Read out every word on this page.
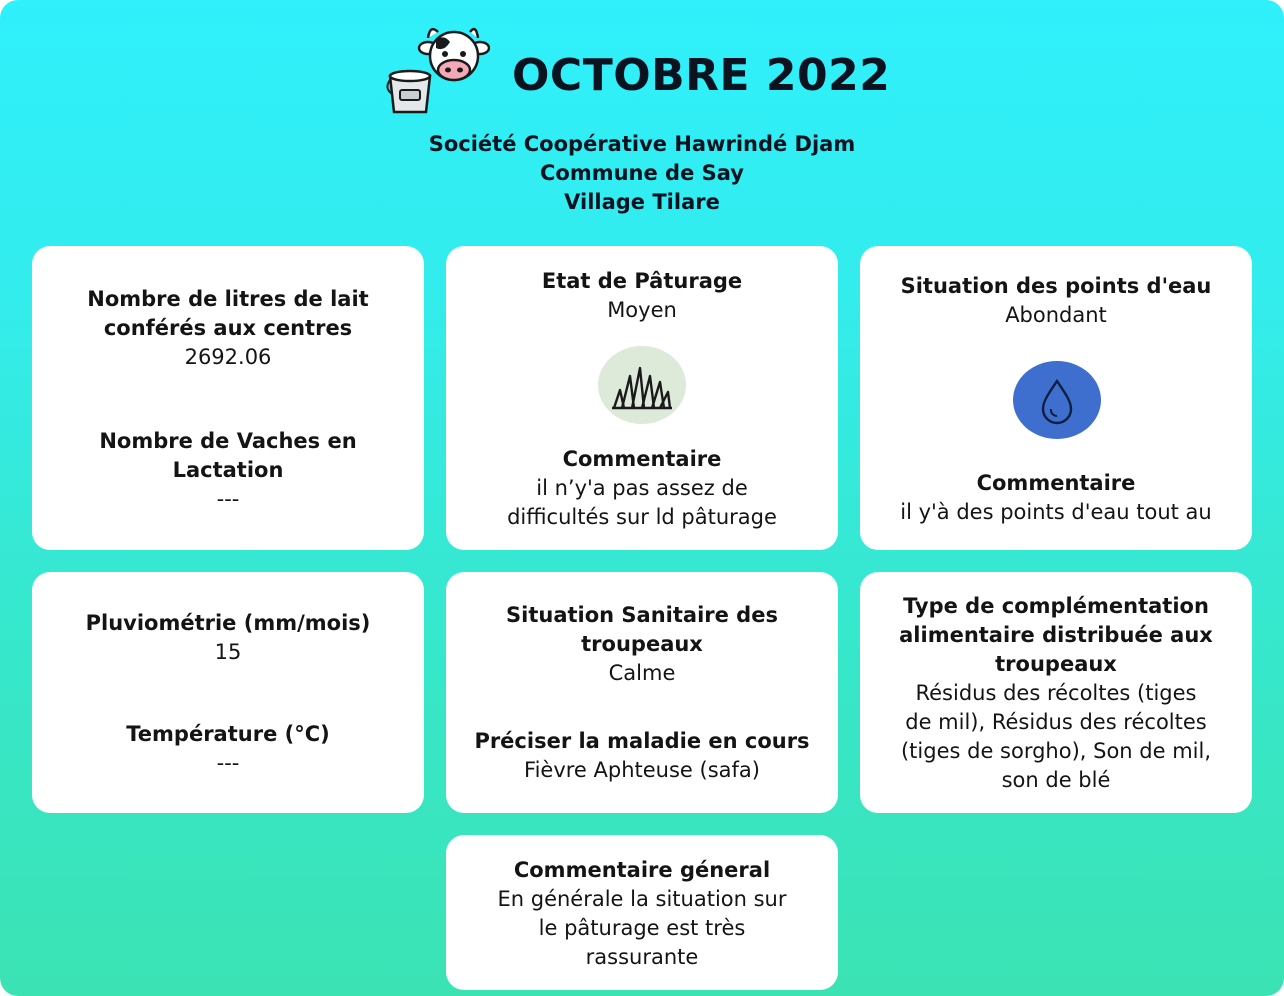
OCTOBRE 2022
Société Coopérative Hawrindé Djam
Commune de Say
Village Tilare
Nombre de litres de lait conférés aux centres
2692.06
Nombre de Vaches en Lactation
---
Etat de Pâturage
Moyen
Commentaire
il n’y'a pas assez de
difficultés sur ld pâturage
Situation des points d'eau
Abondant
Commentaire
il y'à des points d'eau tout au
Pluviométrie (mm/mois)
15
Température (°C)
---
Situation Sanitaire des
troupeaux
Calme
Préciser la maladie en cours
Fièvre Aphteuse (safa)
Type de complémentation
alimentaire distribuée aux
troupeaux
Résidus des récoltes (tiges
de mil), Résidus des récoltes
(tiges de sorgho), Son de mil,
son de blé
Commentaire géneral
En générale la situation sur
le pâturage est très
rassurante
